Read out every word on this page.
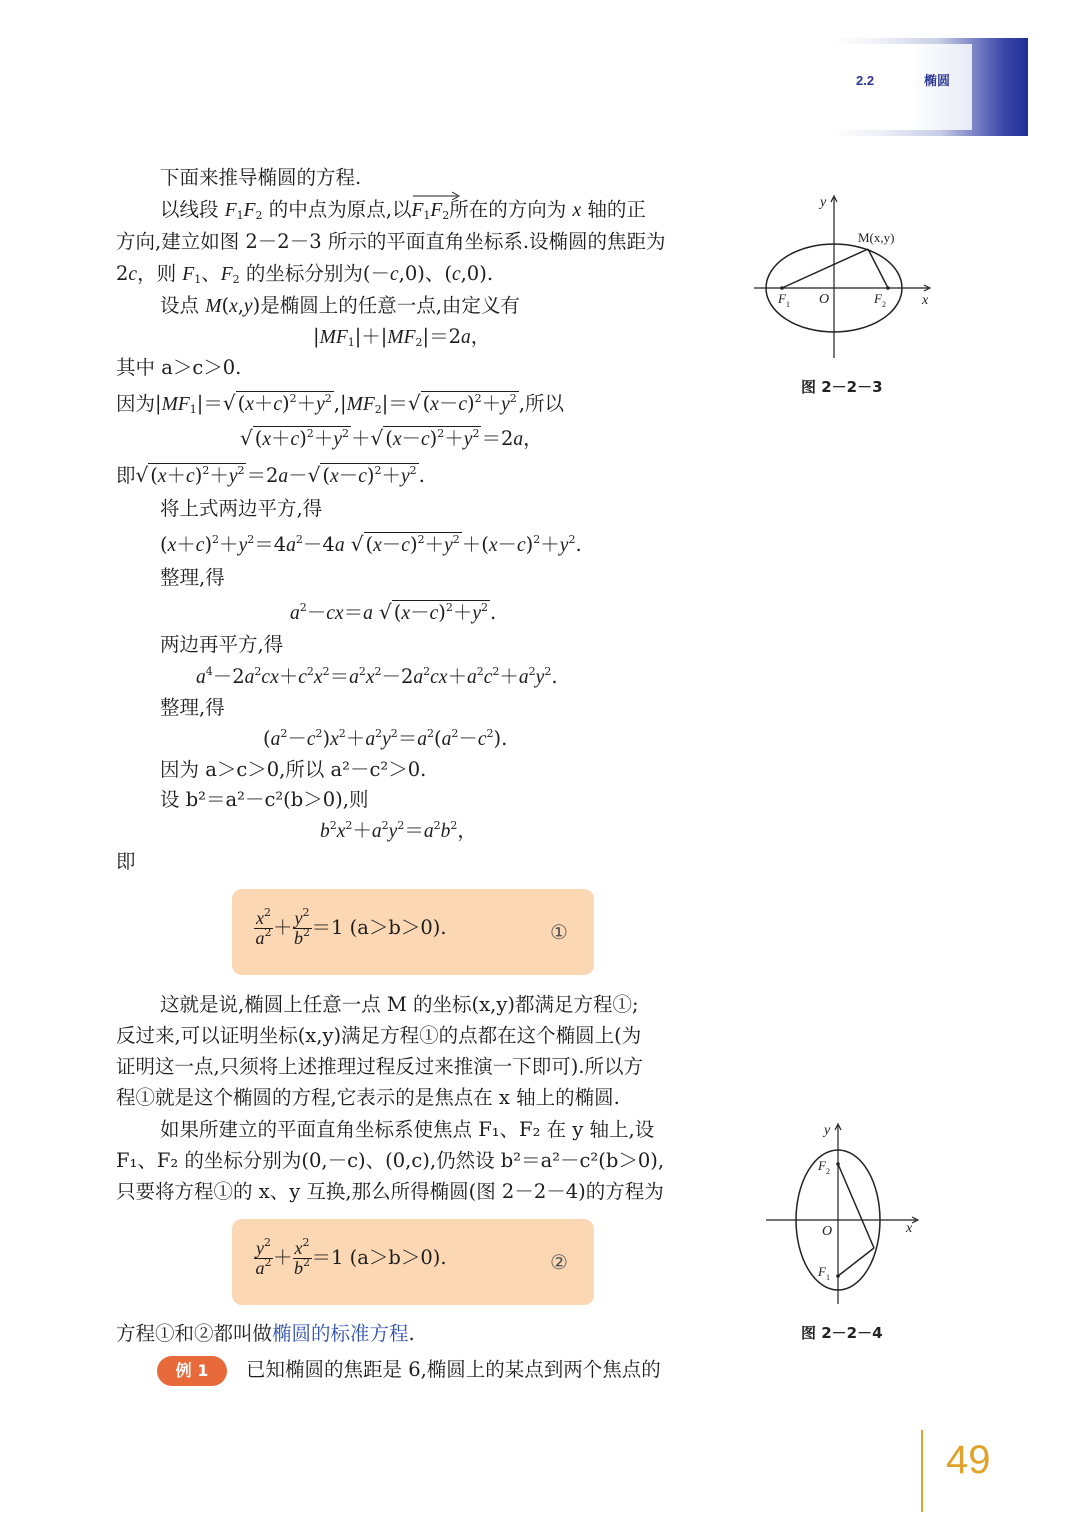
2.2	椭圆
下面来推导椭圆的方程.
以线段 $F_1F_2$ 的中点为原点,以
$F_1F_2$所在的方向为 x 轴的正
方向,建立如图 2－2－3 所示的平面直角坐标系.设椭圆的焦距为
2c，则 $F_1$、$F_2$ 的坐标分别为(－c,0)、(c,0).
设点 M(x,y)是椭圆上的任意一点,由定义有
$|MF_1|+|MF_2|=2a$，
其中 a＞c＞0.
因为$|MF_1|=√$ $(x+c)^2+y^2$ $,|MF_2|=√$ $(x-c)^2+y^2$ ,所以
√ $(x+c)^2+y^2$ ＋√ $(x-c)^2+y^2 =2a$，
即√ $(x+c)^2+y^2 =2a-√$ $(x-c)^2+y^2$ .
将上式两边平方,得
$(x+c)^2+y^2=4a^2-4a$ √ $(x-c)^2+y^2 +(x-c)^2+y^2$.
整理,得
$a^2-cx=a$ √ $(x-c)^2+y^2$ .
两边再平方,得
$a^4-2a^2cx+c^2x^2=a^2x^2-2a^2cx+a^2c^2+a^2y^2$.
整理,得
$(a^2-c^2)x^2+a^2y^2=a^2(a^2-c^2)$.
因为 a＞c＞0,所以 a²－c²＞0.
设 b²＝a²－c²(b＞0),则
$b^2x^2+a^2y^2=a^2b^2$，
即
$\frac{x^2}{a^2} + \frac{y^2}{b^2} =1$ (a＞b＞0).	①
这就是说,椭圆上任意一点 M 的坐标(x,y)都满足方程①;
反过来,可以证明坐标(x,y)满足方程①的点都在这个椭圆上(为
证明这一点,只须将上述推理过程反过来推演一下即可).所以方
程①就是这个椭圆的方程,它表示的是焦点在 x 轴上的椭圆.
如果所建立的平面直角坐标系使焦点 F₁、F₂ 在 y 轴上,设
F₁、F₂ 的坐标分别为(0,－c)、(0,c),仍然设 b²＝a²－c²(b＞0),
只要将方程①的 x、y 互换,那么所得椭圆(图 2－2－4)的方程为
$\frac{y^2}{a^2} + \frac{x^2}{b^2} =1$ (a＞b＞0).	②
方程①和②都叫做椭圆的标准方程.
例 1	已知椭圆的焦距是 6,椭圆上的某点到两个焦点的
M(x,y)
x
y
O
F 1	F 2
图 2－2－3
x
y
O
F 2
F 1
图 2－2－4
49
